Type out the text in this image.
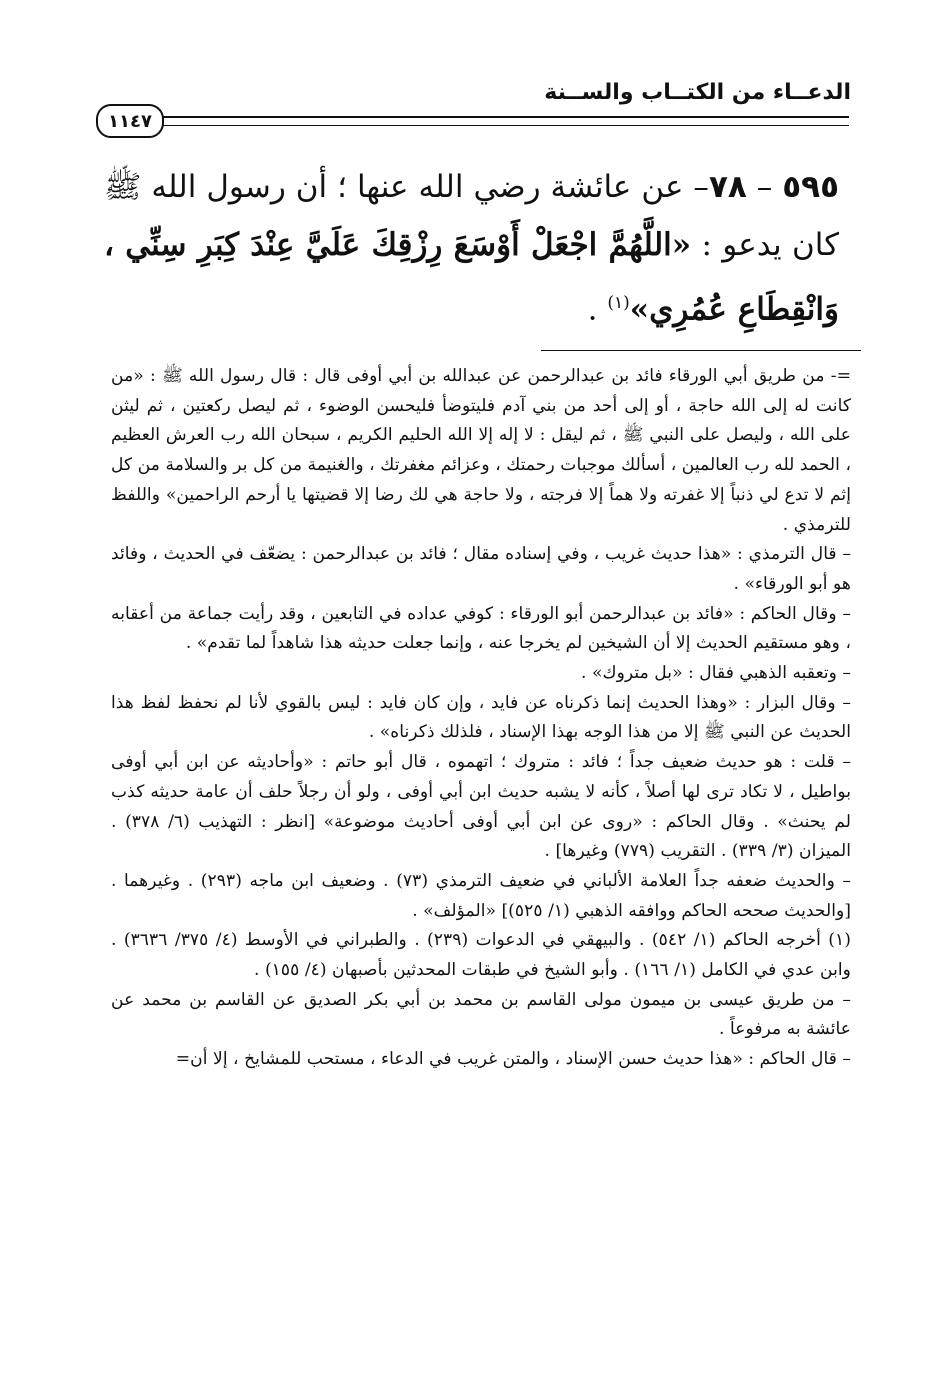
الدعــاء من الكتــاب والســنة
١١٤٧
٥٩٥ – ٧٨– عن عائشة رضي الله عنها ؛ أن رسول الله ﷺ كان يدعو : «اللَّهُمَّ اجْعَلْ أَوْسَعَ رِزْقِكَ عَلَيَّ عِنْدَ كِبَرِ سِنِّي ، وَانْقِطَاعِ عُمُرِي»$^{(١)}$ .

=- من طريق أبي الورقاء فائد بن عبدالرحمن عن عبدالله بن أبي أوفى قال : قال رسول الله ﷺ : «من كانت له إلى الله حاجة ، أو إلى أحد من بني آدم فليتوضأ فليحسن الوضوء ، ثم ليصل ركعتين ، ثم ليثن على الله ، وليصل على النبي ﷺ ، ثم ليقل : لا إله إلا الله الحليم الكريم ، سبحان الله رب العرش العظيم ، الحمد لله رب العالمين ، أسألك موجبات رحمتك ، وعزائم مغفرتك ، والغنيمة من كل بر والسلامة من كل إثم لا تدع لي ذنباً إلا غفرته ولا هماً إلا فرجته ، ولا حاجة هي لك رضا إلا قضيتها يا أرحم الراحمين» واللفظ للترمذي .

– قال الترمذي : «هذا حديث غريب ، وفي إسناده مقال ؛ فائد بن عبدالرحمن : يضعّف في الحديث ، وفائد هو أبو الورقاء» .

– وقال الحاكم : «فائد بن عبدالرحمن أبو الورقاء : كوفي عداده في التابعين ، وقد رأيت جماعة من أعقابه ، وهو مستقيم الحديث إلا أن الشيخين لم يخرجا عنه ، وإنما جعلت حديثه هذا شاهداً لما تقدم» .

– وتعقبه الذهبي فقال : «بل متروك» .

– وقال البزار : «وهذا الحديث إنما ذكرناه عن فايد ، وإن كان فايد : ليس بالقوي لأنا لم نحفظ لفظ هذا الحديث عن النبي ﷺ إلا من هذا الوجه بهذا الإسناد ، فلذلك ذكرناه» .

– قلت : هو حديث ضعيف جداً ؛ فائد : متروك ؛ اتهموه ، قال أبو حاتم : «وأحاديثه عن ابن أبي أوفى بواطيل ، لا تكاد ترى لها أصلاً ، كأنه لا يشبه حديث ابن أبي أوفى ، ولو أن رجلاً حلف أن عامة حديثه كذب لم يحنث» . وقال الحاكم : «روى عن ابن أبي أوفى أحاديث موضوعة» [انظر : التهذيب (٦/ ٣٧٨) . الميزان (٣/ ٣٣٩) . التقريب (٧٧٩) وغيرها] .

– والحديث ضعفه جداً العلامة الألباني في ضعيف الترمذي (٧٣) . وضعيف ابن ماجه (٢٩٣) . وغيرهما . [والحديث صححه الحاكم ووافقه الذهبي (١/ ٥٢٥)] «المؤلف» .

(١) أخرجه الحاكم (١/ ٥٤٢) . والبيهقي في الدعوات (٢٣٩) . والطبراني في الأوسط (٤/ ٣٧٥/ ٣٦٣٦) . وابن عدي في الكامل (١/ ١٦٦) . وأبو الشيخ في طبقات المحدثين بأصبهان (٤/ ١٥٥) .

– من طريق عيسى بن ميمون مولى القاسم بن محمد بن أبي بكر الصديق عن القاسم بن محمد عن عائشة به مرفوعاً .

– قال الحاكم : «هذا حديث حسن الإسناد ، والمتن غريب في الدعاء ، مستحب للمشايخ ، إلا أن=
